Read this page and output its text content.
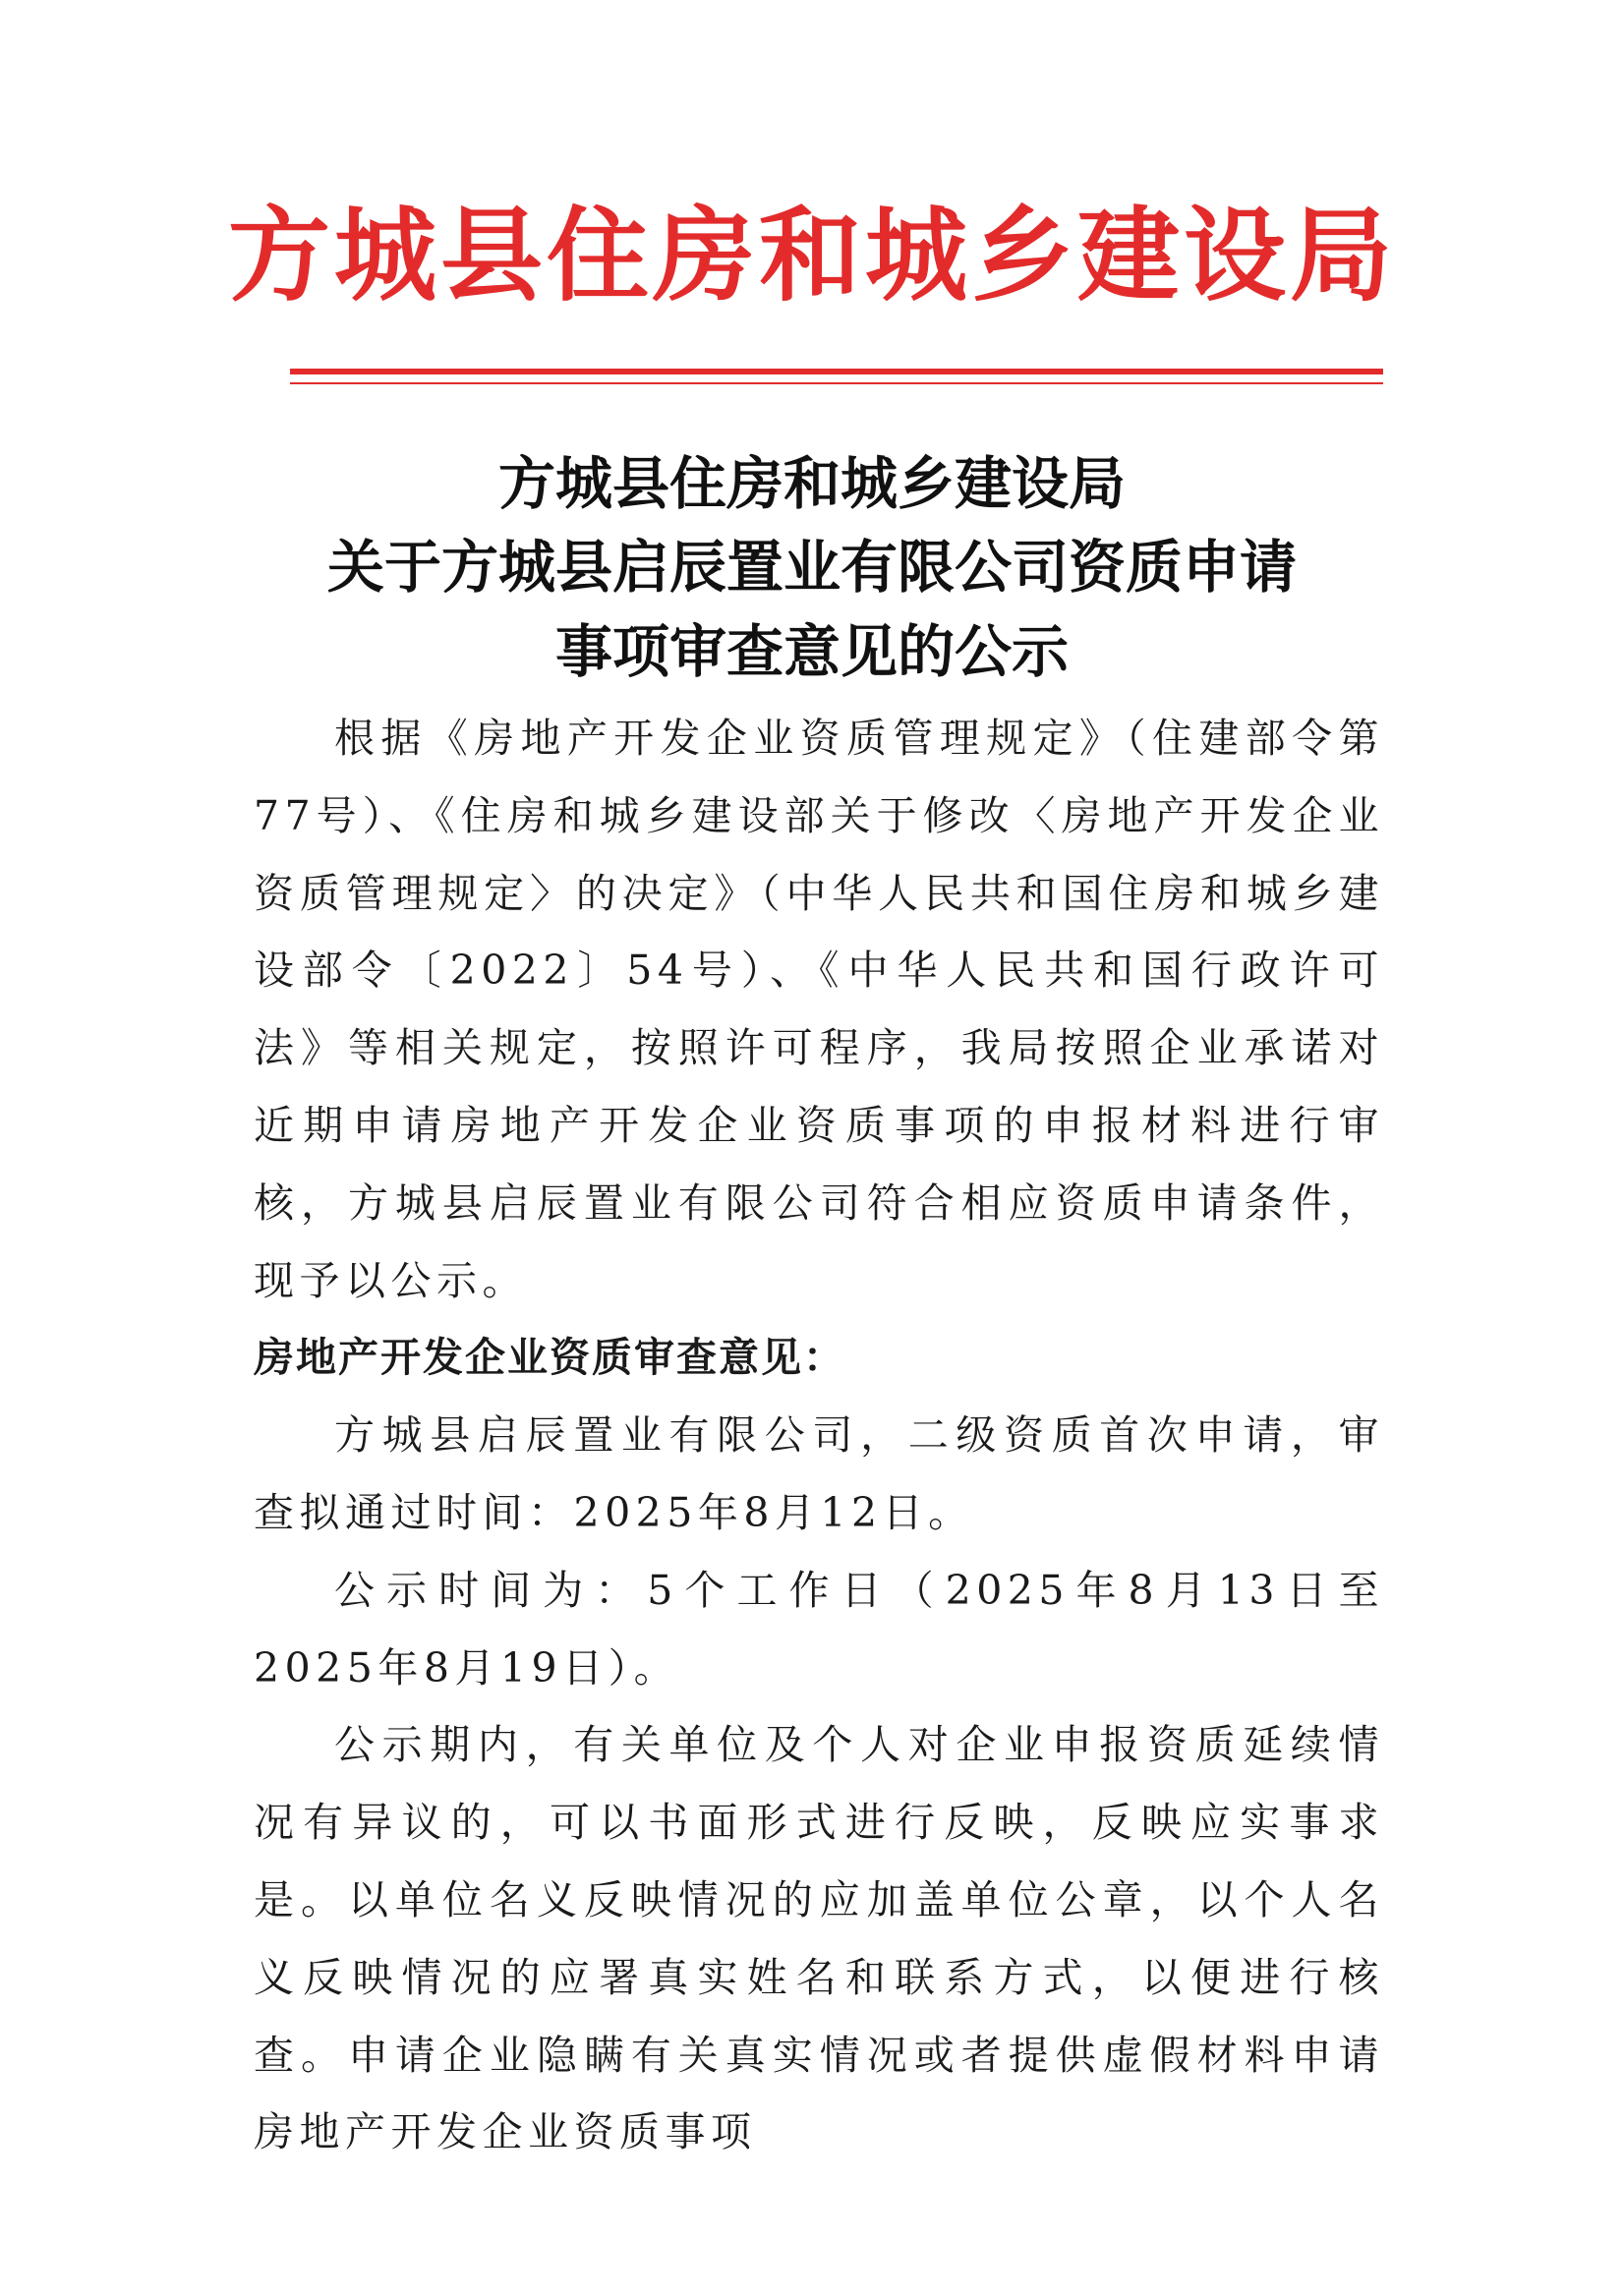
方城县住房和城乡建设局
方城县住房和城乡建设局
关于方城县启辰置业有限公司资质申请
事项审查意见的公示

根据《房地产开发企业资质管理规定》（住建部令第77号）、《住房和城乡建设部关于修改〈房地产开发企业资质管理规定〉的决定》（中华人民共和国住房和城乡建设部令〔2022〕54号）、《中华人民共和国行政许可法》等相关规定，按照许可程序，我局按照企业承诺对近期申请房地产开发企业资质事项的申报材料进行审核，方城县启辰置业有限公司符合相应资质申请条件，现予以公示。

房地产开发企业资质审查意见：

方城县启辰置业有限公司，二级资质首次申请，审查拟通过时间：2025年8月12日。

公示时间为：5个工作日（2025年8月13日至2025年8月19日）。

公示期内，有关单位及个人对企业申报资质延续情况有异议的，可以书面形式进行反映，反映应实事求是。以单位名义反映情况的应加盖单位公章，以个人名义反映情况的应署真实姓名和联系方式，以便进行核查。申请企业隐瞒有关真实情况或者提供虚假材料申请房地产开发企业资质事项
